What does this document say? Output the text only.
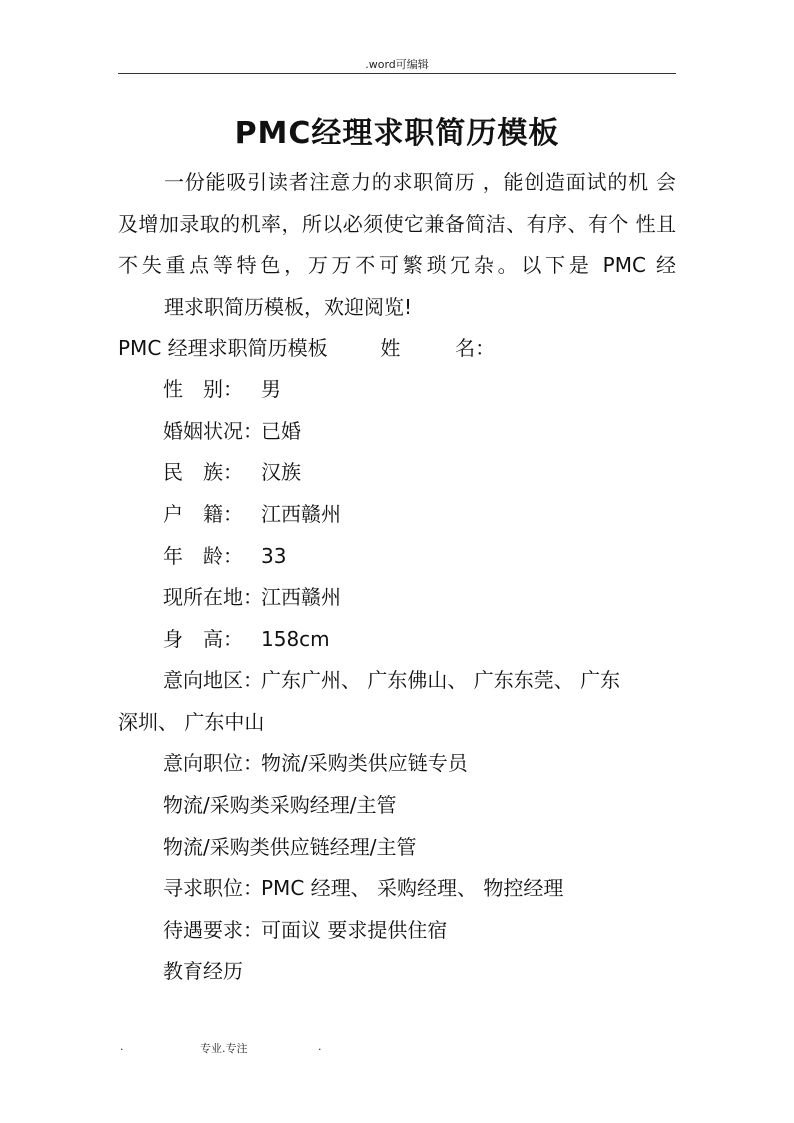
.word可编辑
PMC经理求职简历模板
一份能吸引读者注意力的求职简历 ，能创造面试的机 会及增加录取的机率，所以必须使它兼备简洁、有序、有个 性且不失重点等特色，万万不可繁琐冗杂。以下是 PMC 经
理求职简历模板，欢迎阅览!
PMC 经理求职简历模板	姓	名：
性 别： 男
婚姻状况：已婚
民 族： 汉族
户 籍： 江西赣州
年 龄： 33
现所在地：江西赣州
身 高： 158cm
意向地区：广东广州、 广东佛山、 广东东莞、 广东
深圳、 广东中山
意向职位：物流/采购类供应链专员
物流/采购类采购经理/主管
物流/采购类供应链经理/主管
寻求职位：PMC 经理、 采购经理、 物控经理
待遇要求：可面议 要求提供住宿
教育经历
.	专业.专注	.
